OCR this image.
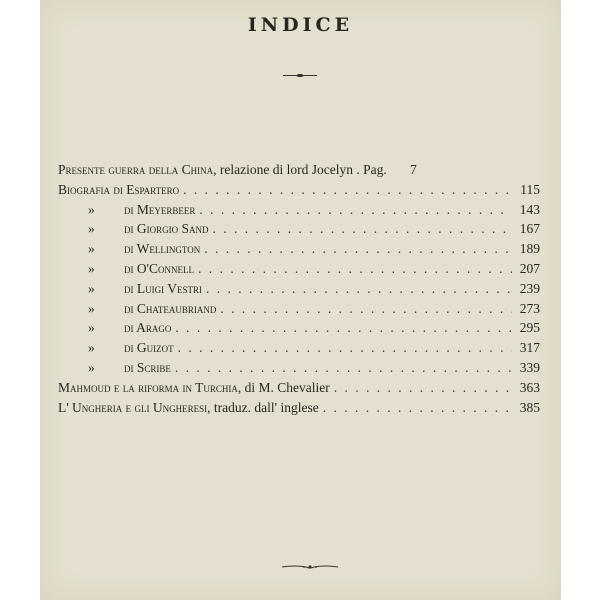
INDICE
Presente guerra della China, relazione di lord Jocelyn . Pag.	7
Biografia di Espartero . . .	115
» di Meyerbeer . . .	143
» di Giorgio Sand . . .	167
» di Wellington . . .	189
» di O'Connell . . .	207
» di Luigi Vestri . . .	239
» di Chateaubriand . . .	273
» di Arago . . .	295
» di Guizot . . .	317
» di Scribe . . .	339
Mahmoud e la riforma in Turchia, di M. Chevalier . . .	363
L' Ungheria e gli Ungheresi, traduz. dall' inglese . . .	385
